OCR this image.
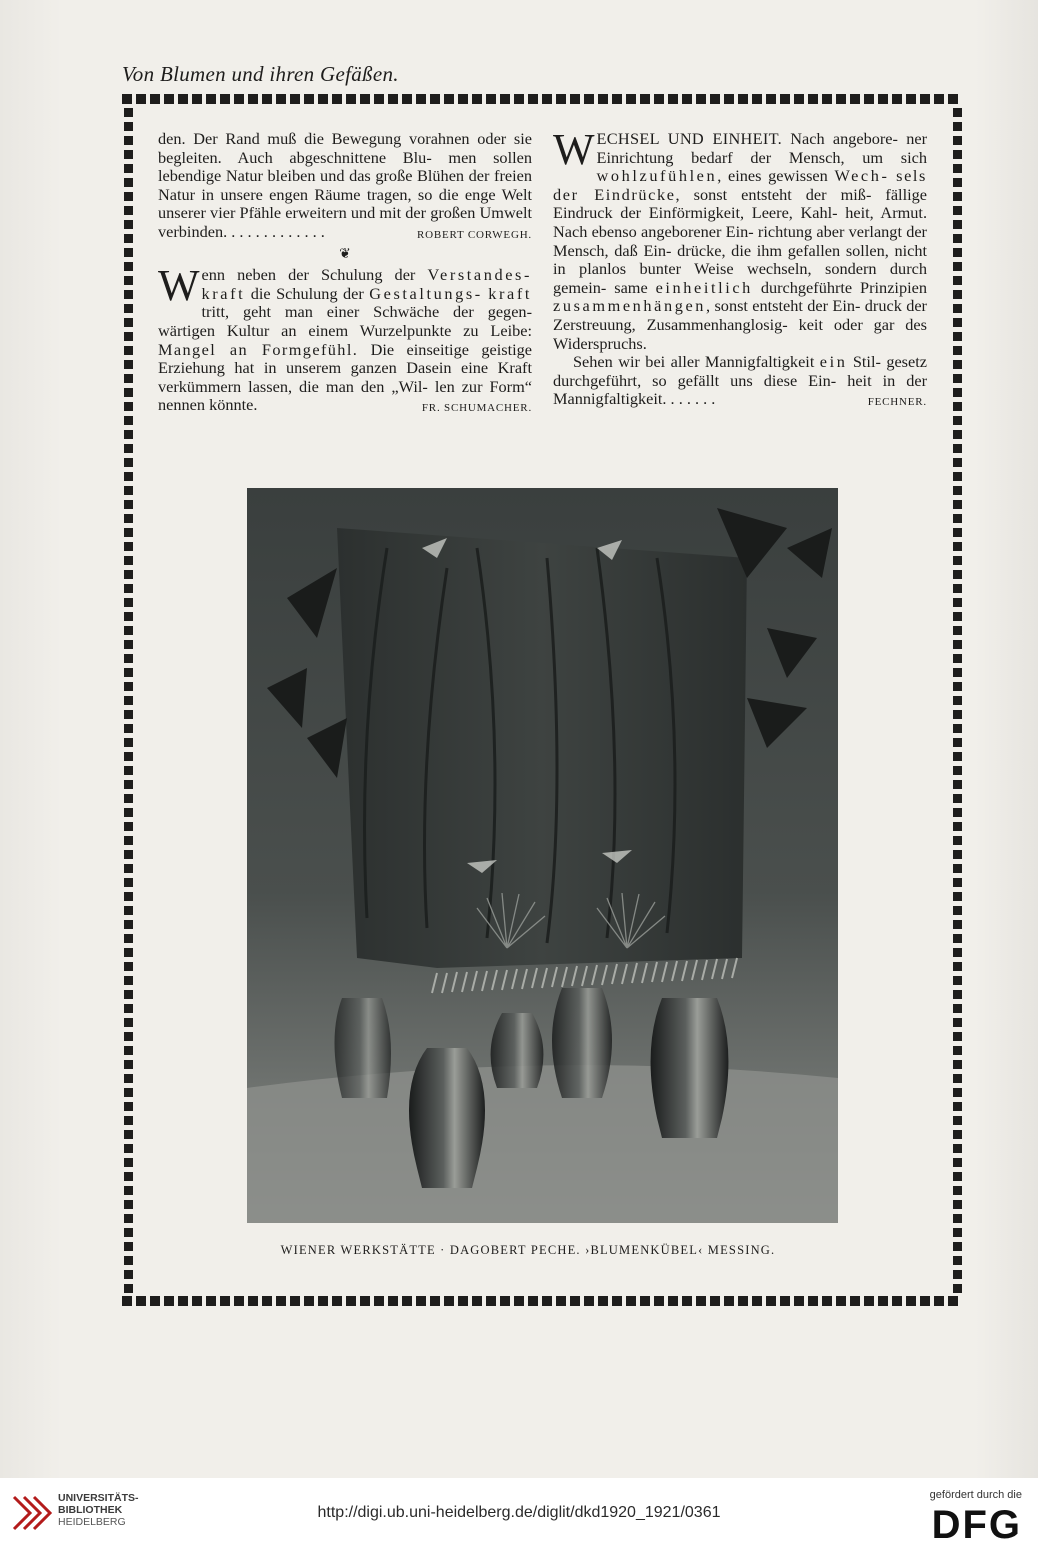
Von Blumen und ihren Gefäßen.

den. Der Rand muß die Bewegung vorahnen oder sie begleiten. Auch abgeschnittene Blu- men sollen lebendige Natur bleiben und das große Blühen der freien Natur in unsere engen Räume tragen, so die enge Welt unserer vier Pfähle erweitern und mit der großen Umwelt verbinden. . . . . . . . . . . . .	ROBERT CORWEGH.

❦

Wenn neben der Schulung der Verstandes- kraft die Schulung der Gestaltungs- kraft tritt, geht man einer Schwäche der gegen- wärtigen Kultur an einem Wurzelpunkte zu Leibe: Mangel an Formgefühl. Die einseitige geistige Erziehung hat in unserem ganzen Dasein eine Kraft verkümmern lassen, die man den „Wil- len zur Form“ nennen könnte.	FR. SCHUMACHER.

WECHSEL UND EINHEIT. Nach angebore- ner Einrichtung bedarf der Mensch, um sich wohlzufühlen, eines gewissen Wech- sels der Eindrücke, sonst entsteht der miß- fällige Eindruck der Einförmigkeit, Leere, Kahl- heit, Armut. Nach ebenso angeborener Ein- richtung aber verlangt der Mensch, daß Ein- drücke, die ihm gefallen sollen, nicht in planlos bunter Weise wechseln, sondern durch gemein- same einheitlich durchgeführte Prinzipien zusammenhängen, sonst entsteht der Ein- druck der Zerstreuung, Zusammenhanglosig- keit oder gar des Widerspruchs.

Sehen wir bei aller Mannigfaltigkeit ein Stil- gesetz durchgeführt, so gefällt uns diese Ein- heit in der Mannigfaltigkeit. . . . . . .	FECHNER.

WIENER WERKSTÄTTE · DAGOBERT PECHE. ›BLUMENKÜBEL‹ MESSING.
UNIVERSITÄTS-
BIBLIOTHEK
HEIDELBERG
http://digi.ub.uni-heidelberg.de/diglit/dkd1920_1921/0361
gefördert durch die
DFG
